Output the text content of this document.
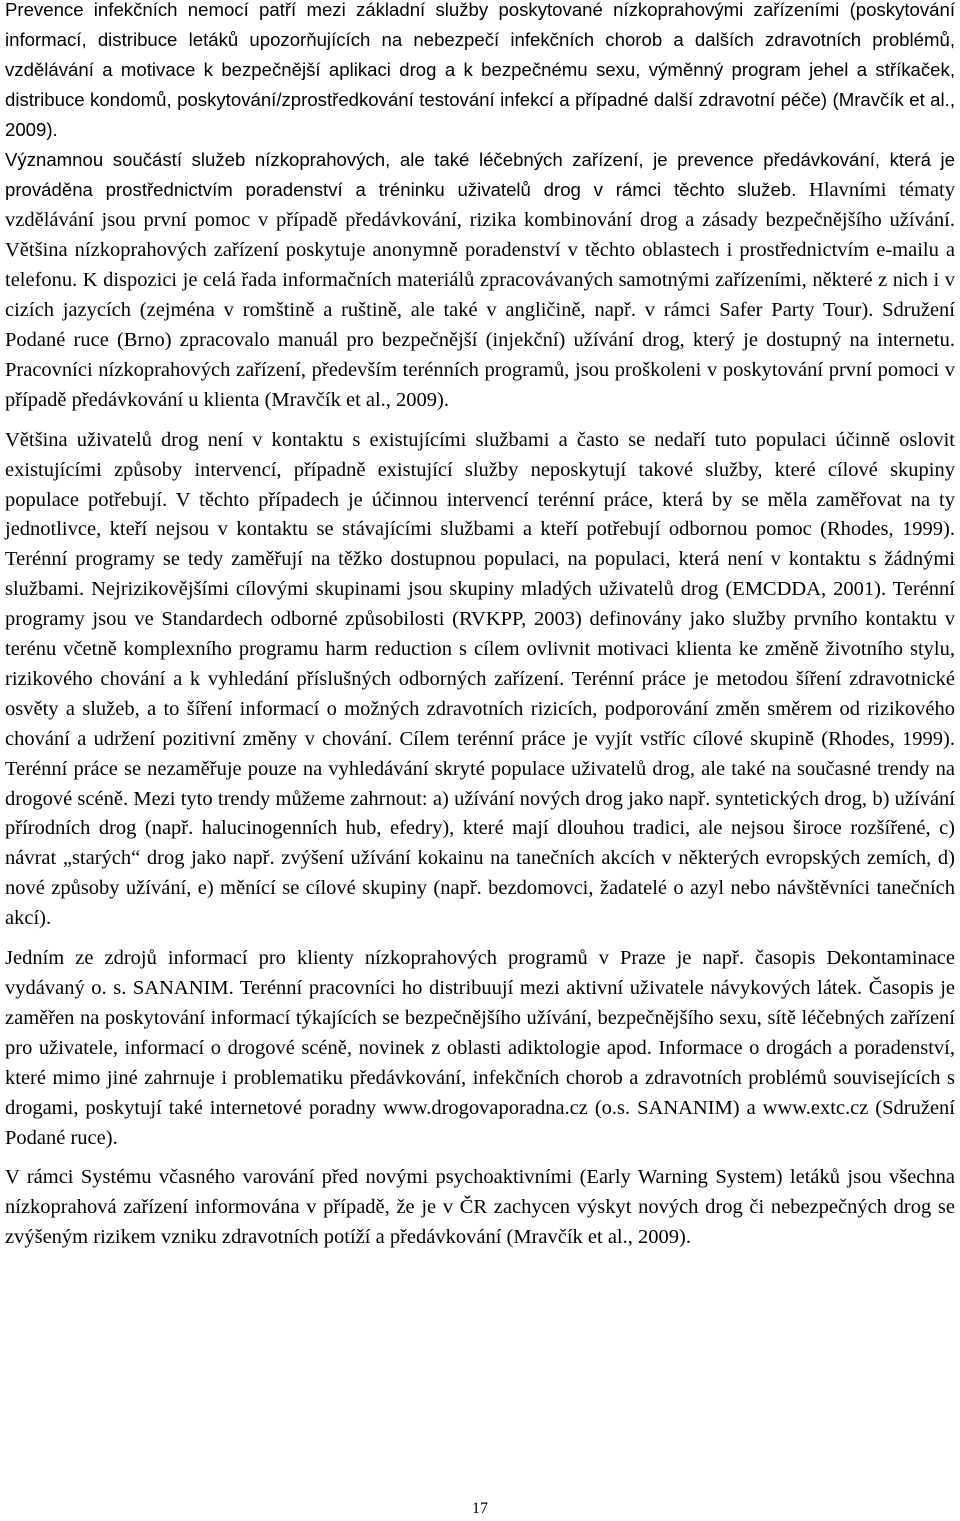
Prevence infekčních nemocí patří mezi základní služby poskytované nízkoprahovými zařízeními (poskytování informací, distribuce letáků upozorňujících na nebezpečí infekčních chorob a dalších zdravotních problémů, vzdělávání a motivace k bezpečnější aplikaci drog a k bezpečnému sexu, výměnný program jehel a stříkaček, distribuce kondomů, poskytování/zprostředkování testování infekcí a případné další zdravotní péče) (Mravčík et al., 2009).

Významnou součástí služeb nízkoprahových, ale také léčebných zařízení, je prevence předávkování, která je prováděna prostřednictvím poradenství a tréninku uživatelů drog v rámci těchto služeb. Hlavními tématy vzdělávání jsou první pomoc v případě předávkování, rizika kombinování drog a zásady bezpečnějšího užívání. Většina nízkoprahových zařízení poskytuje anonymně poradenství v těchto oblastech i prostřednictvím e-mailu a telefonu. K dispozici je celá řada informačních materiálů zpracovávaných samotnými zařízeními, některé z nich i v cizích jazycích (zejména v romštině a ruštině, ale také v angličině, např. v rámci Safer Party Tour). Sdružení Podané ruce (Brno) zpracovalo manuál pro bezpečnější (injekční) užívání drog, který je dostupný na internetu. Pracovníci nízkoprahových zařízení, především terénních programů, jsou proškoleni v poskytování první pomoci v případě předávkování u klienta (Mravčík et al., 2009).

Většina uživatelů drog není v kontaktu s existujícími službami a často se nedaří tuto populaci účinně oslovit existujícími způsoby intervencí, případně existující služby neposkytují takové služby, které cílové skupiny populace potřebují. V těchto případech je účinnou intervencí terénní práce, která by se měla zaměřovat na ty jednotlivce, kteří nejsou v kontaktu se stávajícími službami a kteří potřebují odbornou pomoc (Rhodes, 1999). Terénní programy se tedy zaměřují na těžko dostupnou populaci, na populaci, která není v kontaktu s žádnými službami. Nejrizikovějšími cílovými skupinami jsou skupiny mladých uživatelů drog (EMCDDA, 2001). Terénní programy jsou ve Standardech odborné způsobilosti (RVKPP, 2003) definovány jako služby prvního kontaktu v terénu včetně komplexního programu harm reduction s cílem ovlivnit motivaci klienta ke změně životního stylu, rizikového chování a k vyhledání příslušných odborných zařízení. Terénní práce je metodou šíření zdravotnické osvěty a služeb, a to šíření informací o možných zdravotních rizicích, podporování změn směrem od rizikového chování a udržení pozitivní změny v chování. Cílem terénní práce je vyjít vstříc cílové skupině (Rhodes, 1999). Terénní práce se nezaměřuje pouze na vyhledávání skryté populace uživatelů drog, ale také na současné trendy na drogové scéně. Mezi tyto trendy můžeme zahrnout: a) užívání nových drog jako např. syntetických drog, b) užívání přírodních drog (např. halucinogenních hub, efedry), které mají dlouhou tradici, ale nejsou široce rozšířené, c) návrat „starých“ drog jako např. zvýšení užívání kokainu na tanečních akcích v některých evropských zemích, d) nové způsoby užívání, e) měnící se cílové skupiny (např. bezdomovci, žadatelé o azyl nebo návštěvníci tanečních akcí).

Jedním ze zdrojů informací pro klienty nízkoprahových programů v Praze je např. časopis Dekontaminace vydávaný o. s. SANANIM. Terénní pracovníci ho distribuují mezi aktivní uživatele návykových látek. Časopis je zaměřen na poskytování informací týkajících se bezpečnějšího užívání, bezpečnějšího sexu, sítě léčebných zařízení pro uživatele, informací o drogové scéně, novinek z oblasti adiktologie apod. Informace o drogách a poradenství, které mimo jiné zahrnuje i problematiku předávkování, infekčních chorob a zdravotních problémů souvisejících s drogami, poskytují také internetové poradny www.drogovaporadna.cz (o.s. SANANIM) a www.extc.cz (Sdružení Podané ruce).

V rámci Systému včasného varování před novými psychoaktivními (Early Warning System) letáků jsou všechna nízkoprahová zařízení informována v případě, že je v ČR zachycen výskyt nových drog či nebezpečných drog se zvýšeným rizikem vzniku zdravotních potíží a předávkování (Mravčík et al., 2009).

17
